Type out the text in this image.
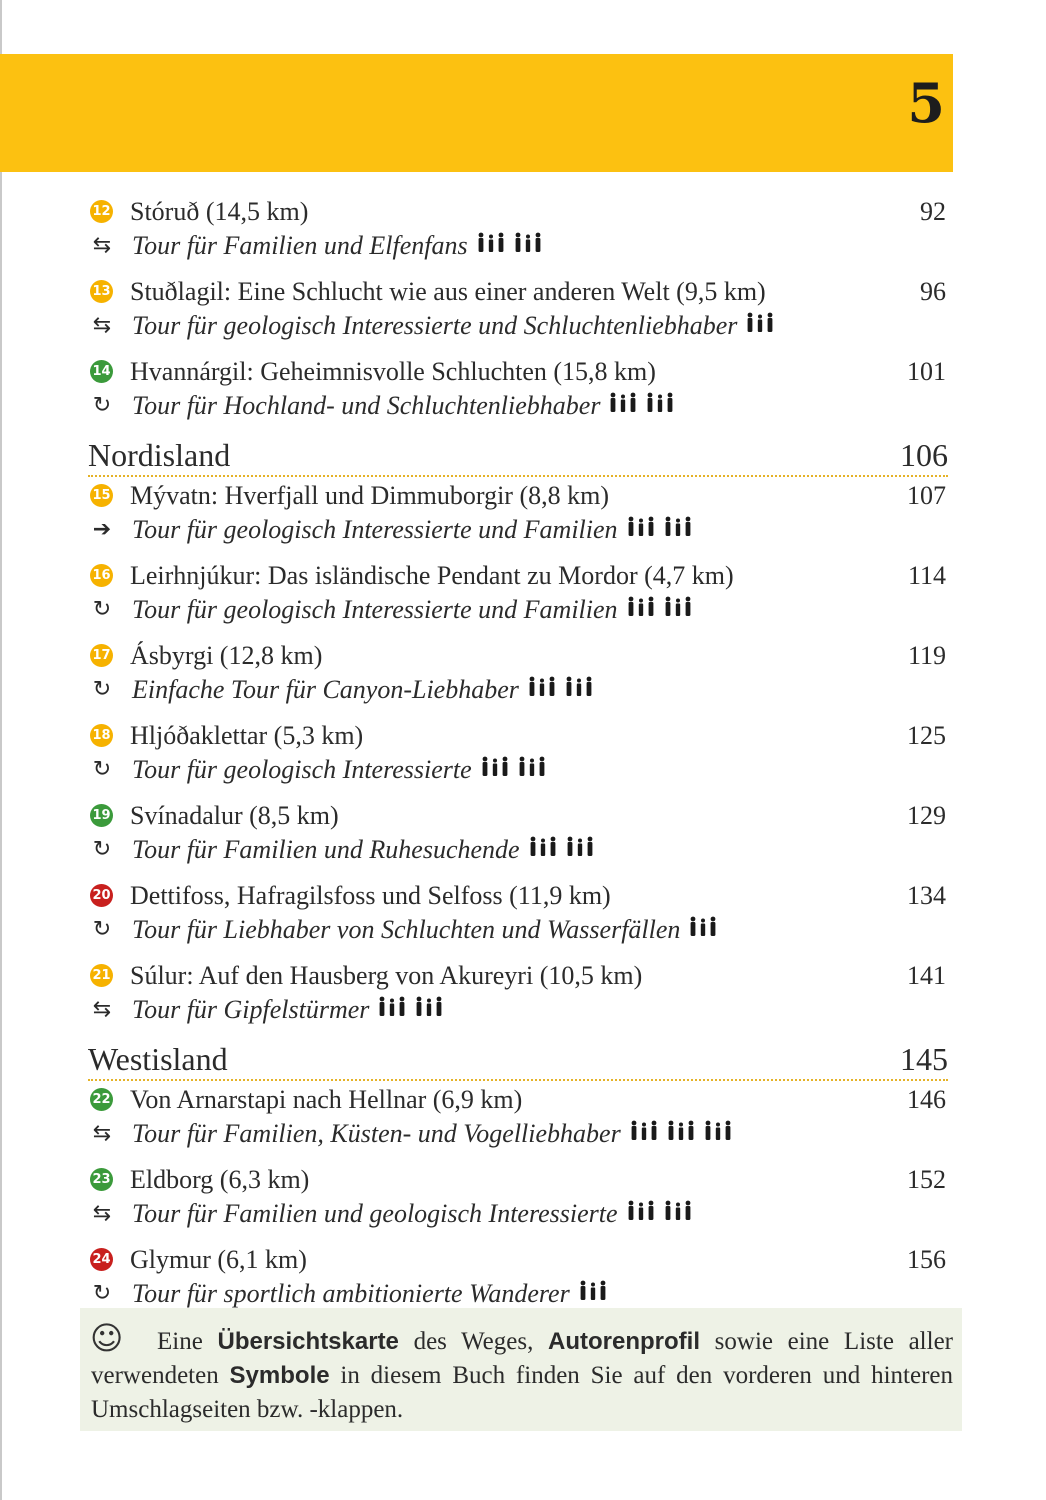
5
12 Stóruð (14,5 km)	92
⇆ Tour für Familien und Elfenfans
13 Stuðlagil: Eine Schlucht wie aus einer anderen Welt (9,5 km)	96
⇆ Tour für geologisch Interessierte und Schluchtenliebhaber
14 Hvannárgil: Geheimnisvolle Schluchten (15,8 km)	101
↻ Tour für Hochland- und Schluchtenliebhaber
Nordisland	106
15 Mývatn: Hverfjall und Dimmuborgir (8,8 km)	107
➔ Tour für geologisch Interessierte und Familien
16 Leirhnjúkur: Das isländische Pendant zu Mordor (4,7 km)	114
↻ Tour für geologisch Interessierte und Familien
17 Ásbyrgi (12,8 km)	119
↻ Einfache Tour für Canyon-Liebhaber
18 Hljóðaklettar (5,3 km)	125
↻ Tour für geologisch Interessierte
19 Svínadalur (8,5 km)	129
↻ Tour für Familien und Ruhesuchende
20 Dettifoss, Hafragilsfoss und Selfoss (11,9 km)	134
↻ Tour für Liebhaber von Schluchten und Wasserfällen
21 Súlur: Auf den Hausberg von Akureyri (10,5 km)	141
⇆ Tour für Gipfelstürmer
Westisland	145
22 Von Arnarstapi nach Hellnar (6,9 km)	146
⇆ Tour für Familien, Küsten- und Vogelliebhaber
23 Eldborg (6,3 km)	152
⇆ Tour für Familien und geologisch Interessierte
24 Glymur (6,1 km)	156
↻ Tour für sportlich ambitionierte Wanderer
☺	Eine Übersichtskarte des Weges, Autorenprofil sowie eine Liste aller verwendeten Symbole in diesem Buch finden Sie auf den vorderen und hinteren Umschlagseiten bzw. -klappen.
